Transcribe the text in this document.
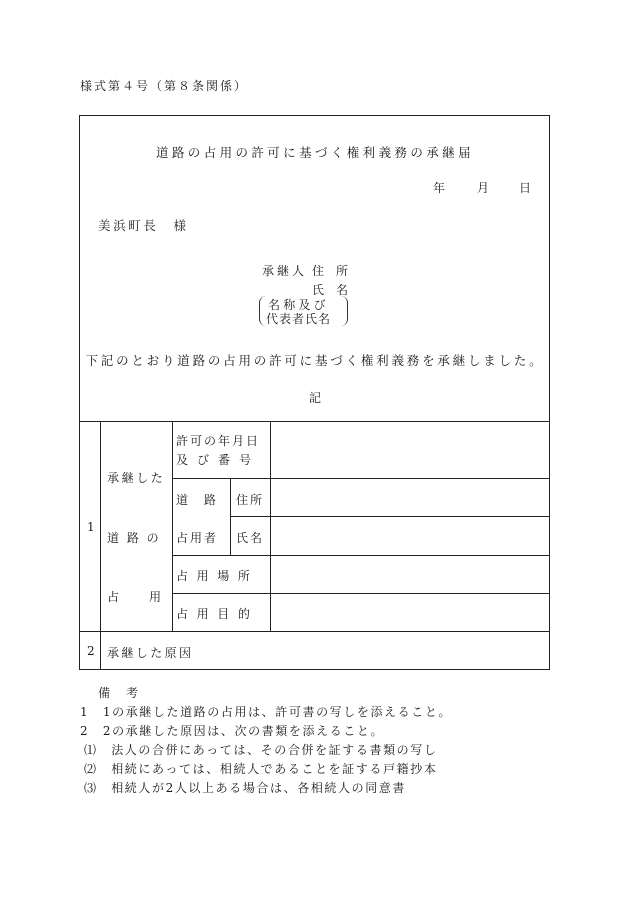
様式第４号（第８条関係）
道路の占用の許可に基づく権利義務の承継届
年	月 日
美浜町長　様
承継人 住　所
氏　名
名称及び
代表者氏名
下記のとおり道路の占用の許可に基づく権利義務を承継しました。
記
1
承継した
道 路 の
占　　用
許可の年月日
及 び 番 号
道　路
占用者
住所
氏名
占 用 場 所
占 用 目 的
2 承継した原因
備　考
1　1の承継した道路の占用は、許可書の写しを添えること。
2　2の承継した原因は、次の書類を添えること。
⑴　法人の合併にあっては、その合併を証する書類の写し
⑵　相続にあっては、相続人であることを証する戸籍抄本
⑶　相続人が2人以上ある場合は、各相続人の同意書
